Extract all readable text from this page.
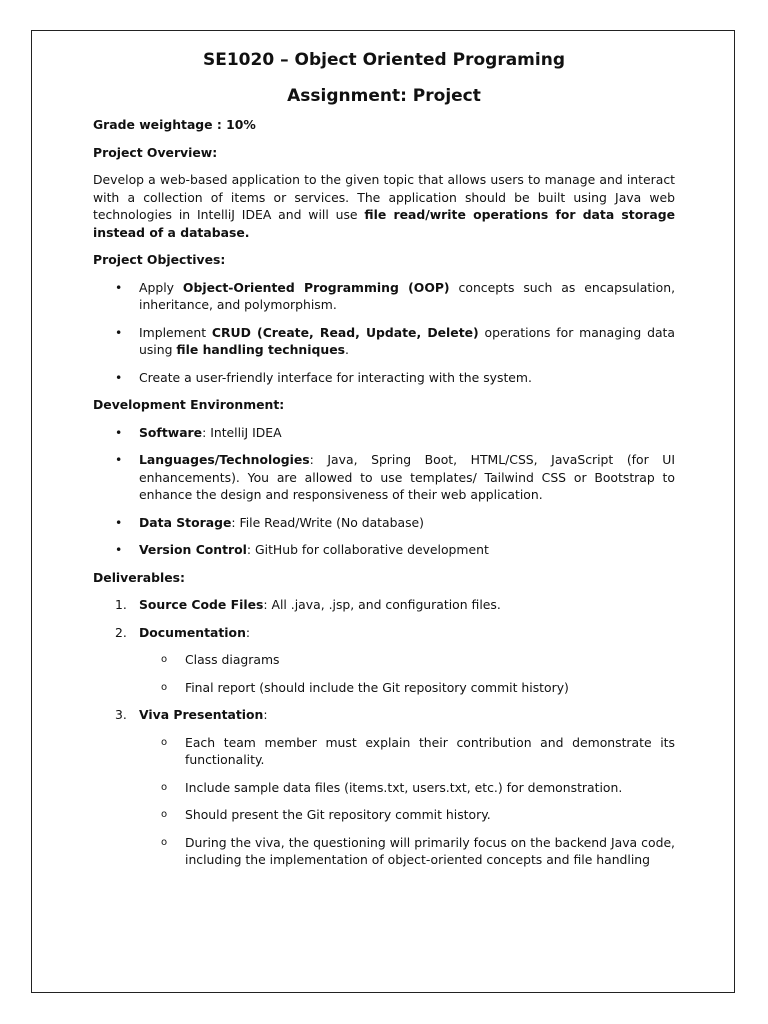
SE1020 – Object Oriented Programing

Assignment: Project

Grade weightage : 10%

Project Overview:

Develop a web-based application to the given topic that allows users to manage and interact with a collection of items or services. The application should be built using Java web technologies in IntelliJ IDEA and will use file read/write operations for data storage instead of a database.

Project Objectives:

• Apply Object-Oriented Programming (OOP) concepts such as encapsulation, inheritance, and polymorphism.

• Implement CRUD (Create, Read, Update, Delete) operations for managing data using file handling techniques.

• Create a user-friendly interface for interacting with the system.

Development Environment:

• Software: IntelliJ IDEA

• Languages/Technologies: Java, Spring Boot, HTML/CSS, JavaScript (for UI enhancements). You are allowed to use templates/ Tailwind CSS or Bootstrap to enhance the design and responsiveness of their web application.

• Data Storage: File Read/Write (No database)

• Version Control: GitHub for collaborative development

Deliverables:

1. Source Code Files: All .java, .jsp, and configuration files.

2. Documentation:

o Class diagrams

o Final report (should include the Git repository commit history)

3. Viva Presentation:

o Each team member must explain their contribution and demonstrate its functionality.

o Include sample data files (items.txt, users.txt, etc.) for demonstration.

o Should present the Git repository commit history.

o During the viva, the questioning will primarily focus on the backend Java code, including the implementation of object-oriented concepts and file handling
